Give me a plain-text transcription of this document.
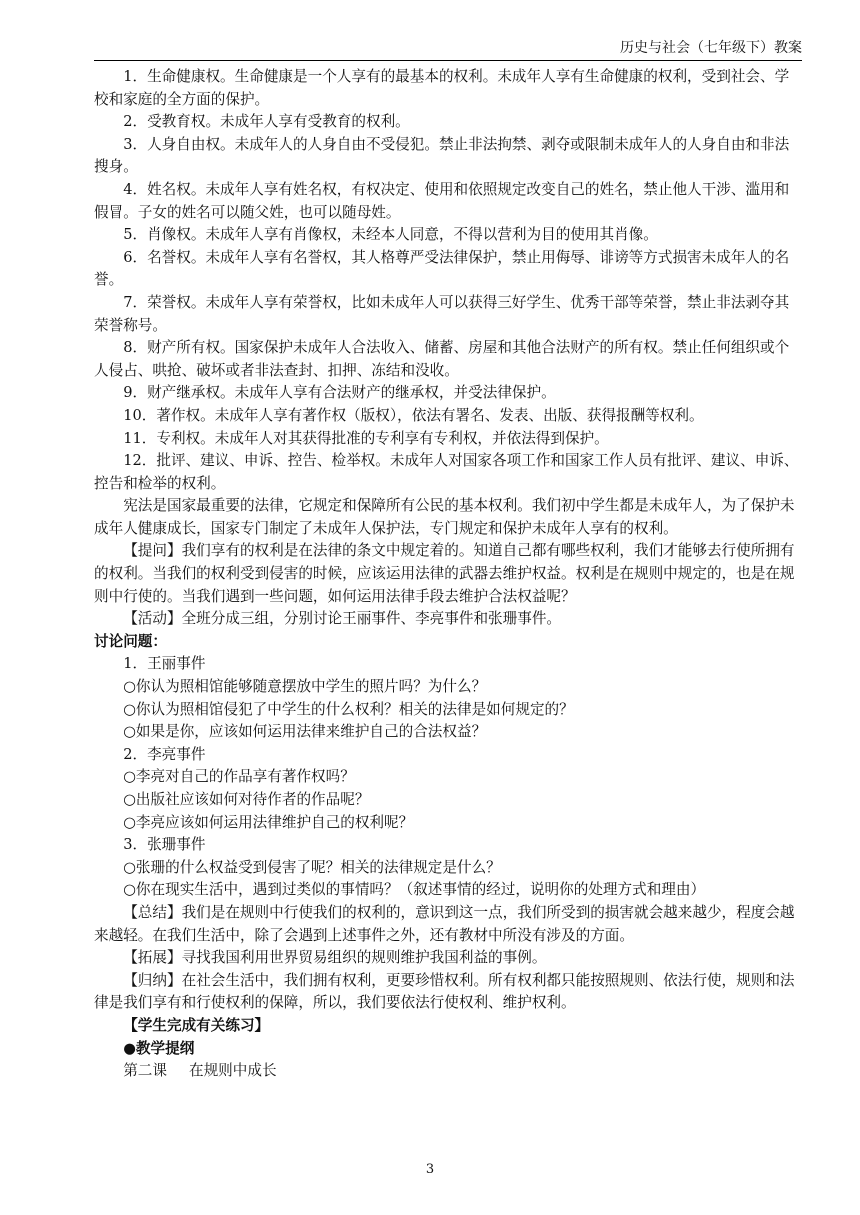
历史与社会（七年级下）教案

1．生命健康权。生命健康是一个人享有的最基本的权利。未成年人享有生命健康的权利，受到社会、学校和家庭的全方面的保护。

2．受教育权。未成年人享有受教育的权利。

3．人身自由权。未成年人的人身自由不受侵犯。禁止非法拘禁、剥夺或限制未成年人的人身自由和非法搜身。

4．姓名权。未成年人享有姓名权，有权决定、使用和依照规定改变自己的姓名，禁止他人干涉、滥用和假冒。子女的姓名可以随父姓，也可以随母姓。

5．肖像权。未成年人享有肖像权，未经本人同意，不得以营利为目的使用其肖像。

6．名誉权。未成年人享有名誉权，其人格尊严受法律保护，禁止用侮辱、诽谤等方式损害未成年人的名誉。

7．荣誉权。未成年人享有荣誉权，比如未成年人可以获得三好学生、优秀干部等荣誉，禁止非法剥夺其荣誉称号。

8．财产所有权。国家保护未成年人合法收入、储蓄、房屋和其他合法财产的所有权。禁止任何组织或个人侵占、哄抢、破坏或者非法查封、扣押、冻结和没收。

9．财产继承权。未成年人享有合法财产的继承权，并受法律保护。

10．著作权。未成年人享有著作权（版权），依法有署名、发表、出版、获得报酬等权利。

11．专利权。未成年人对其获得批准的专利享有专利权，并依法得到保护。

12．批评、建议、申诉、控告、检举权。未成年人对国家各项工作和国家工作人员有批评、建议、申诉、控告和检举的权利。

宪法是国家最重要的法律，它规定和保障所有公民的基本权利。我们初中学生都是未成年人，为了保护未成年人健康成长，国家专门制定了未成年人保护法，专门规定和保护未成年人享有的权利。

【提问】我们享有的权利是在法律的条文中规定着的。知道自己都有哪些权利，我们才能够去行使所拥有的权利。当我们的权利受到侵害的时候，应该运用法律的武器去维护权益。权利是在规则中规定的，也是在规则中行使的。当我们遇到一些问题，如何运用法律手段去维护合法权益呢？

【活动】全班分成三组，分别讨论王丽事件、李亮事件和张珊事件。

讨论问题：

1．王丽事件

○你认为照相馆能够随意摆放中学生的照片吗？为什么？

○你认为照相馆侵犯了中学生的什么权利？相关的法律是如何规定的？

○如果是你，应该如何运用法律来维护自己的合法权益？

2．李亮事件

○李亮对自己的作品享有著作权吗？

○出版社应该如何对待作者的作品呢？

○李亮应该如何运用法律维护自己的权利呢？

3．张珊事件

○张珊的什么权益受到侵害了呢？相关的法律规定是什么？

○你在现实生活中，遇到过类似的事情吗？（叙述事情的经过，说明你的处理方式和理由）

【总结】我们是在规则中行使我们的权利的，意识到这一点，我们所受到的损害就会越来越少，程度会越来越轻。在我们生活中，除了会遇到上述事件之外，还有教材中所没有涉及的方面。

【拓展】寻找我国利用世界贸易组织的规则维护我国利益的事例。

【归纳】在社会生活中，我们拥有权利，更要珍惜权利。所有权利都只能按照规则、依法行使，规则和法律是我们享有和行使权利的保障，所以，我们要依法行使权利、维护权利。

【学生完成有关练习】

●教学提纲

第二课 在规则中成长

3
